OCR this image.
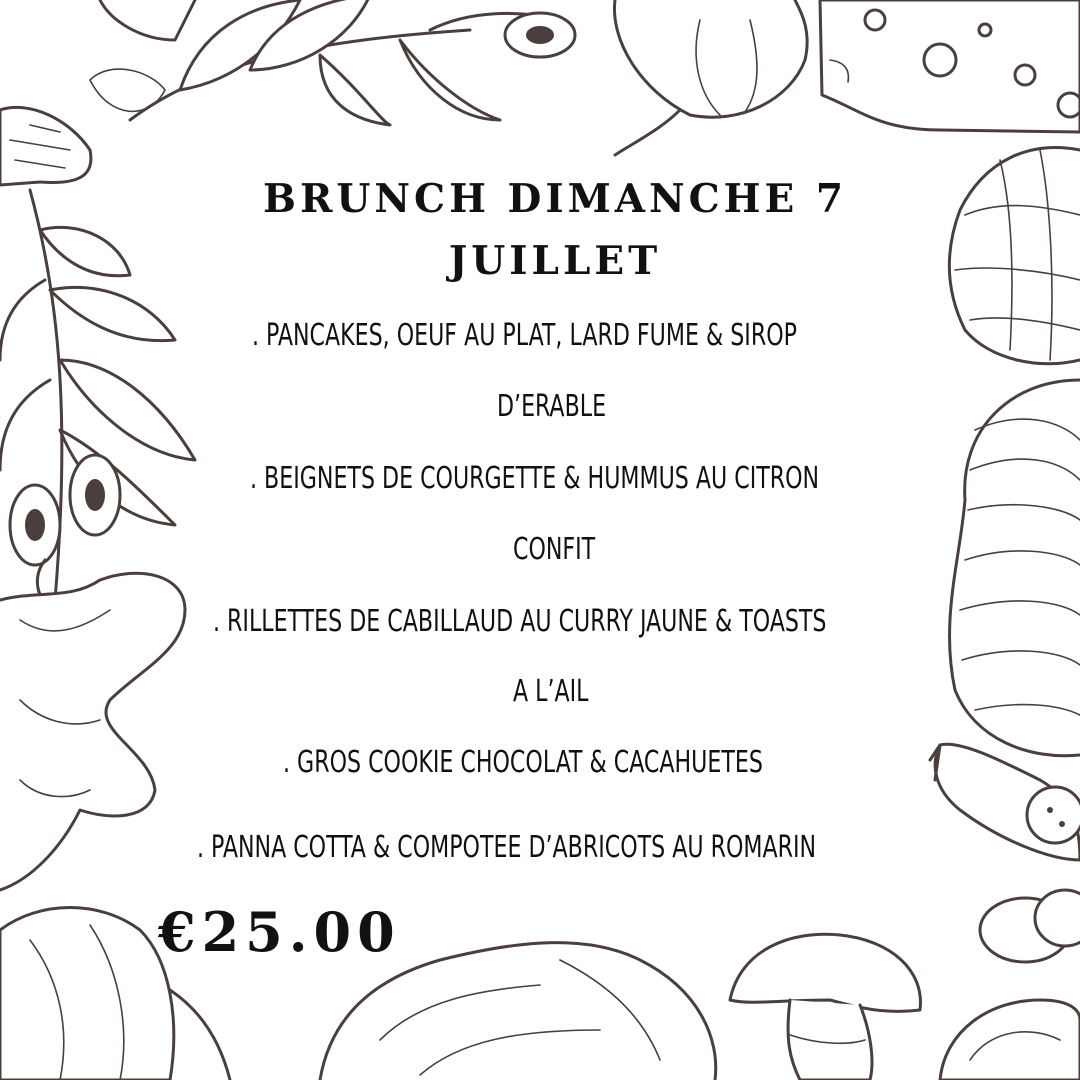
BRUNCH DIMANCHE 7 JUILLET
. PANCAKES, OEUF AU PLAT, LARD FUME & SIROP
D’ERABLE
. BEIGNETS DE COURGETTE & HUMMUS AU CITRON
CONFIT
. RILLETTES DE CABILLAUD AU CURRY JAUNE & TOASTS
A L’AIL
. GROS COOKIE CHOCOLAT & CACAHUETES
. PANNA COTTA & COMPOTEE D’ABRICOTS AU ROMARIN
€25.00
